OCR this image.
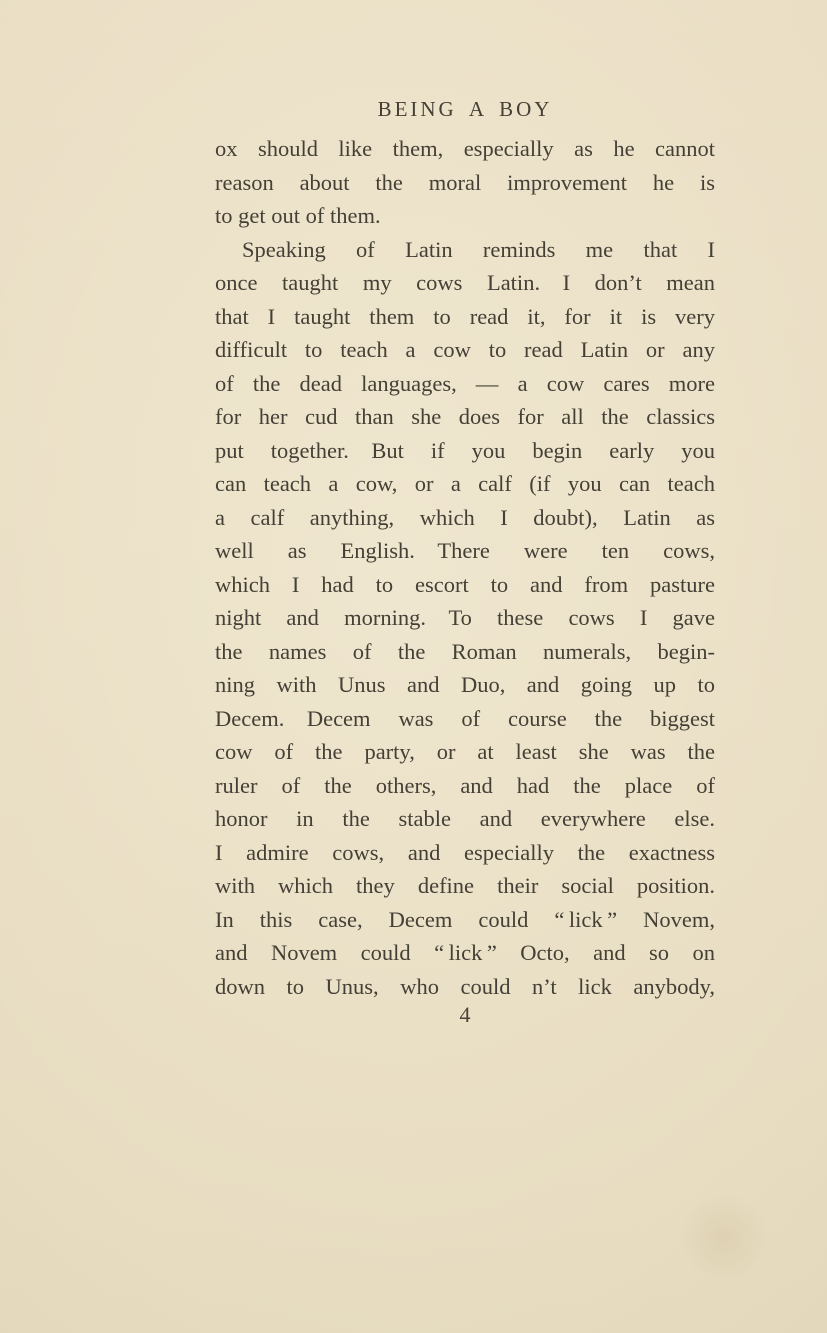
BEING A BOY
ox should like them, especially as he cannot
reason about the moral improvement he is
to get out of them.
Speaking of Latin reminds me that I
once taught my cows Latin. I don’t mean
that I taught them to read it, for it is very
difficult to teach a cow to read Latin or any
of the dead languages, — a cow cares more
for her cud than she does for all the classics
put together. But if you begin early you
can teach a cow, or a calf (if you can teach
a calf anything, which I doubt), Latin as
well as English. There were ten cows,
which I had to escort to and from pasture
night and morning. To these cows I gave
the names of the Roman numerals, begin-
ning with Unus and Duo, and going up to
Decem. Decem was of course the biggest
cow of the party, or at least she was the
ruler of the others, and had the place of
honor in the stable and everywhere else.
I admire cows, and especially the exactness
with which they define their social position.
In this case, Decem could “ lick ” Novem,
and Novem could “ lick ” Octo, and so on
down to Unus, who could n’t lick anybody,
4
